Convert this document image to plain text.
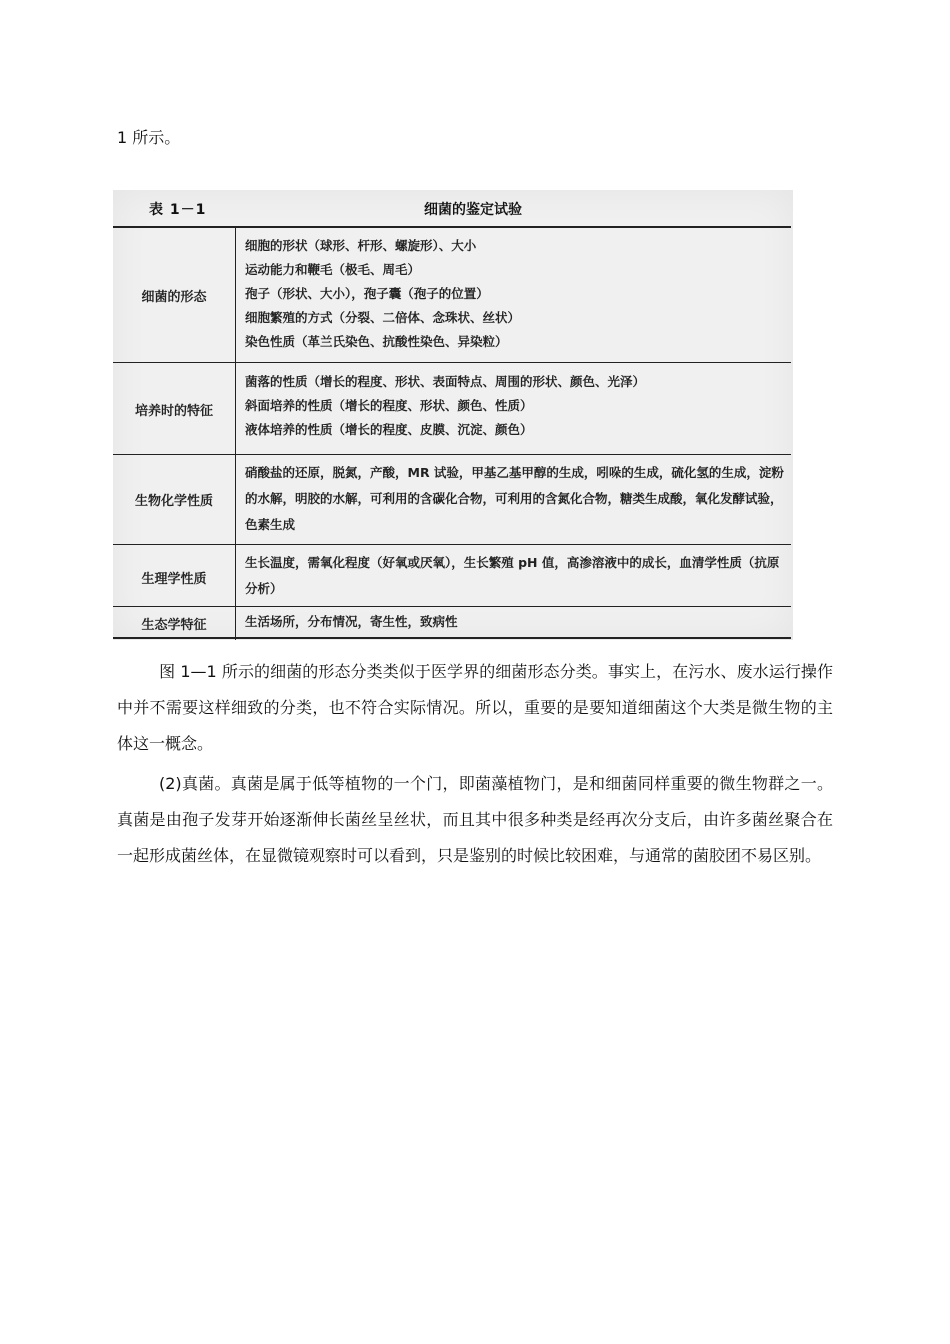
1 所示。
表 1－1	细菌的鉴定试验
细菌的形态
细胞的形状（球形、杆形、螺旋形）、大小
运动能力和鞭毛（极毛、周毛）
孢子（形状、大小），孢子囊（孢子的位置）
细胞繁殖的方式（分裂、二倍体、念珠状、丝状）
染色性质（革兰氏染色、抗酸性染色、异染粒）
培养时的特征
菌落的性质（增长的程度、形状、表面特点、周围的形状、颜色、光泽）
斜面培养的性质（增长的程度、形状、颜色、性质）
液体培养的性质（增长的程度、皮膜、沉淀、颜色）
生物化学性质
硝酸盐的还原，脱氮，产酸，MR 试验，甲基乙基甲醇的生成，吲哚的生成，硫化氢的生成，淀粉的水解，明胶的水解，可利用的含碳化合物，可利用的含氮化合物，糖类生成酸，氧化发酵试验，色素生成
生理学性质
生长温度，需氧化程度（好氧或厌氧），生长繁殖 pH 值，高渗溶液中的成长，血清学性质（抗原分析）
生态学特征	生活场所，分布情况，寄生性，致病性
图 1—1 所示的细菌的形态分类类似于医学界的细菌形态分类。事实上，在污水、废水运行操作中并不需要这样细致的分类，也不符合实际情况。所以，重要的是要知道细菌这个大类是微生物的主体这一概念。
(2)真菌。真菌是属于低等植物的一个门，即菌藻植物门，是和细菌同样重要的微生物群之一。真菌是由孢子发芽开始逐渐伸长菌丝呈丝状，而且其中很多种类是经再次分支后，由许多菌丝聚合在一起形成菌丝体，在显微镜观察时可以看到，只是鉴别的时候比较困难，与通常的菌胶团不易区别。
